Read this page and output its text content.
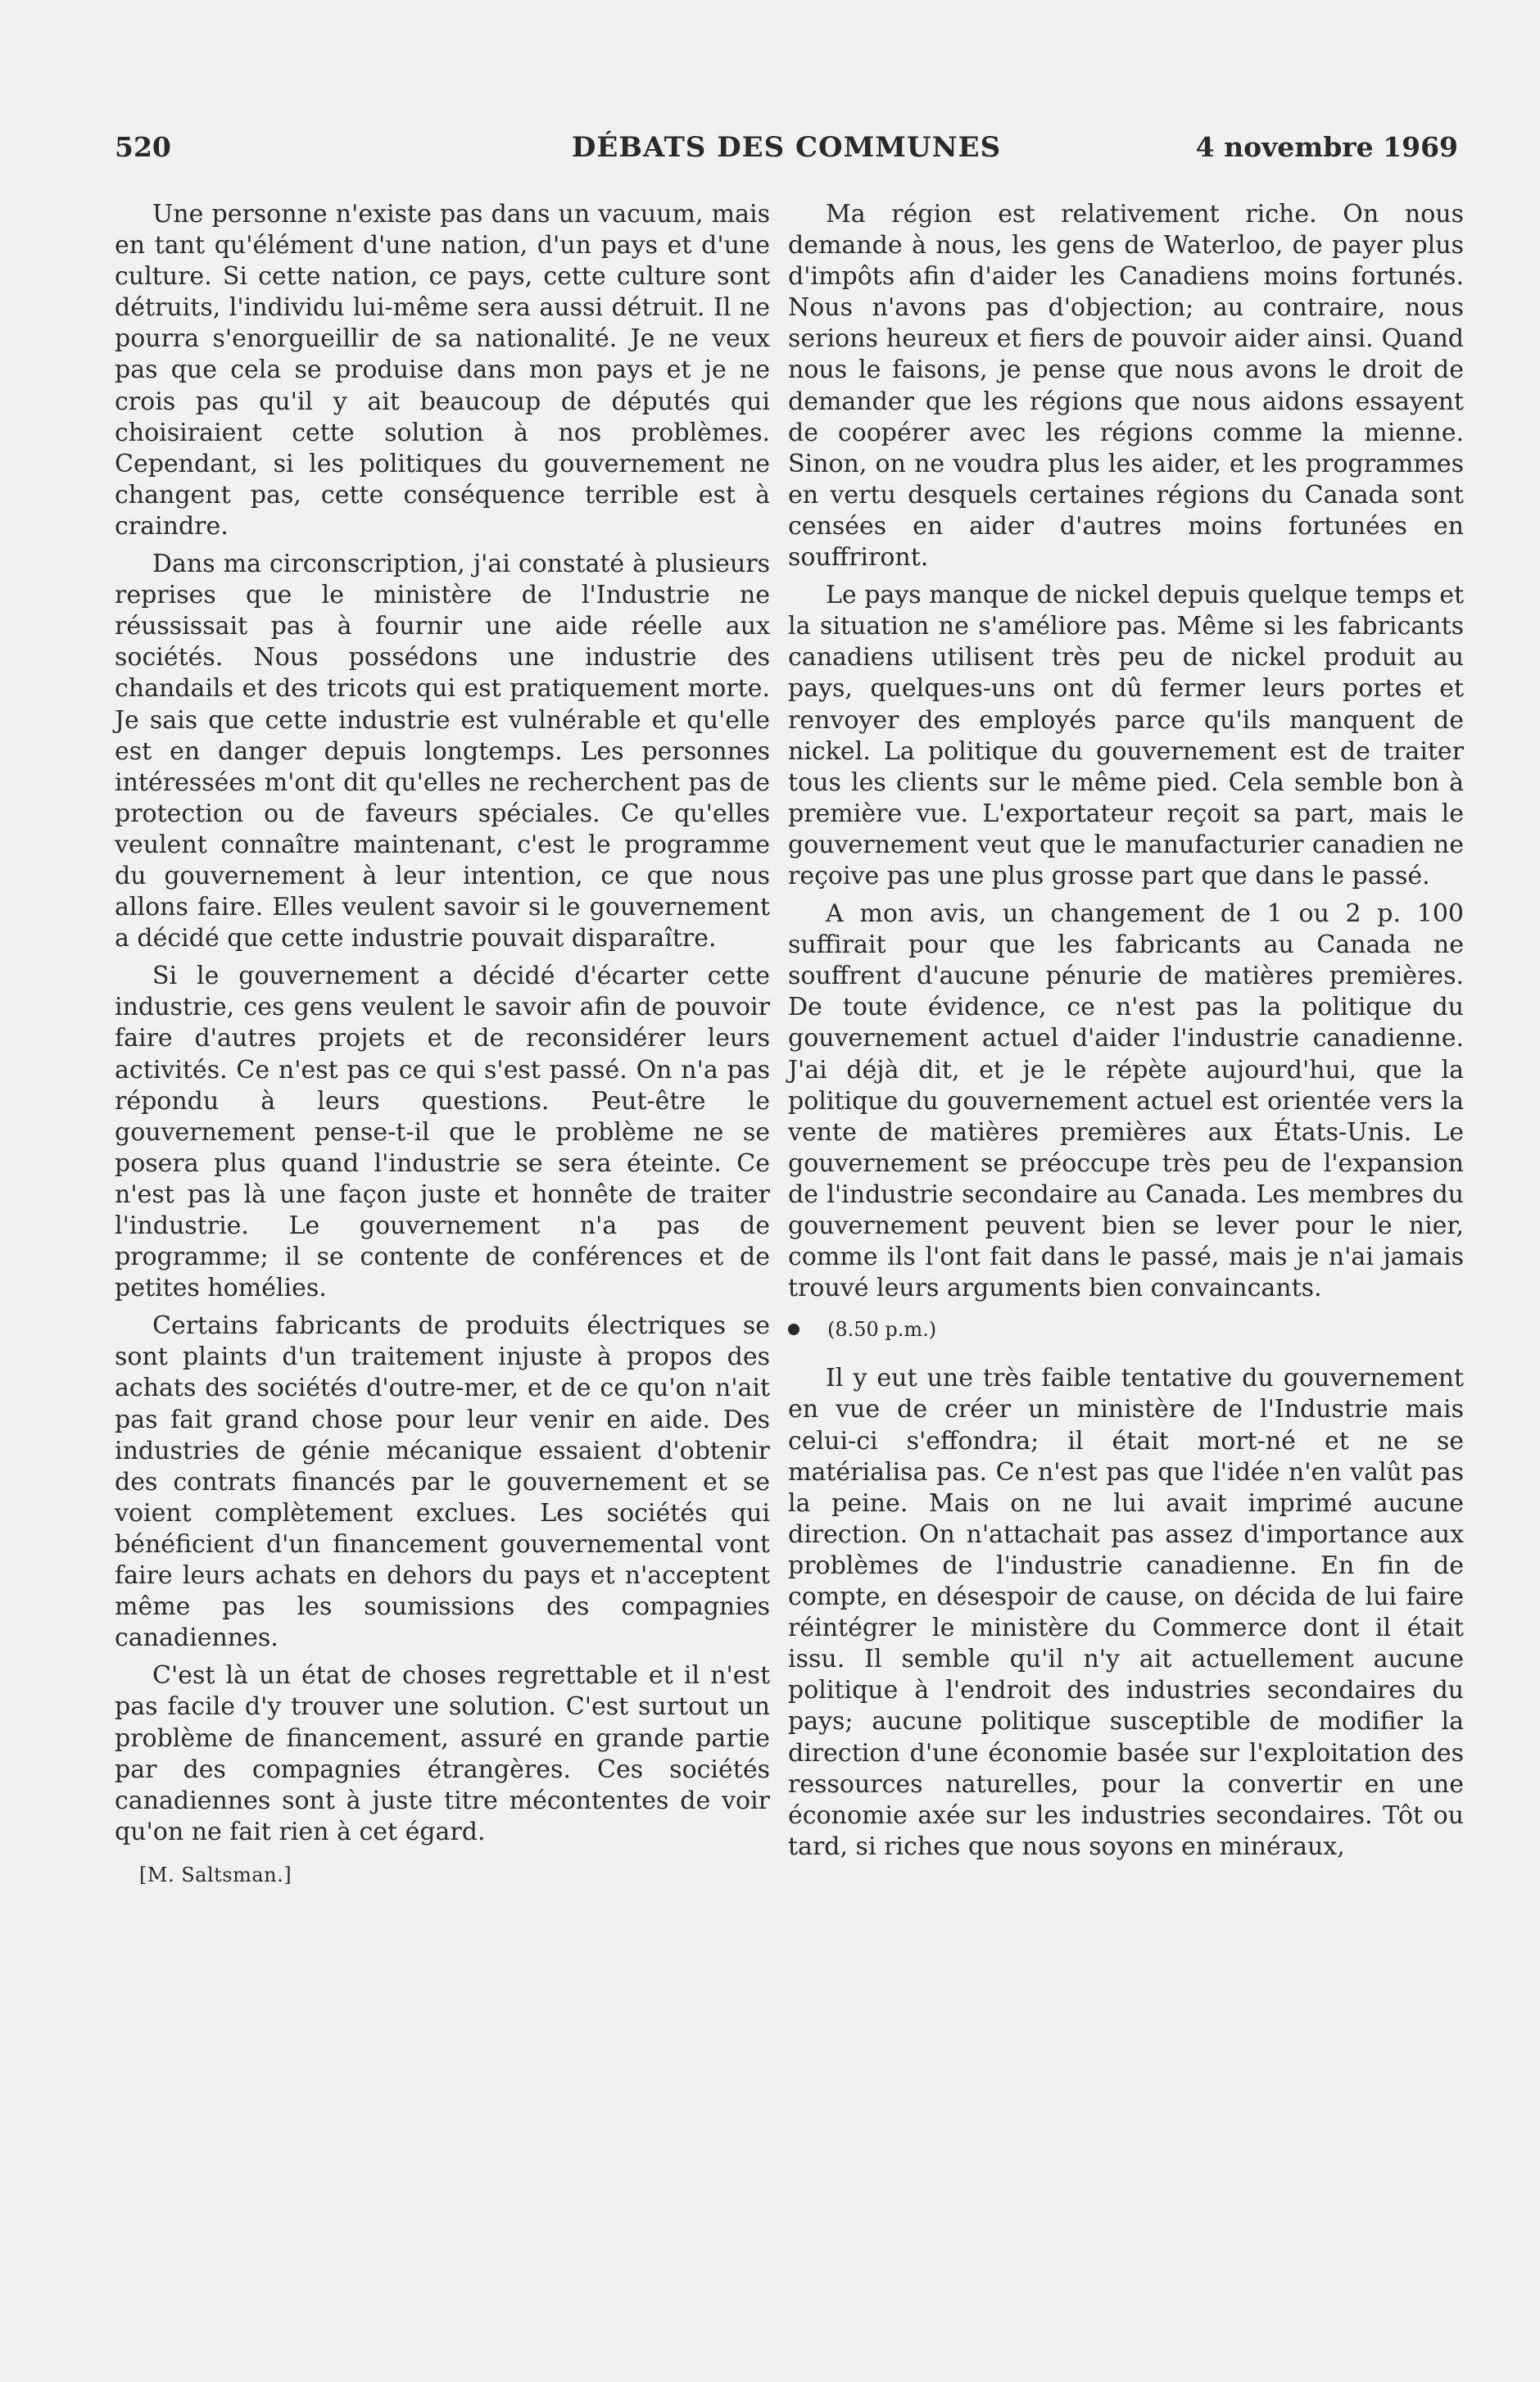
520	DÉBATS DES COMMUNES	4 novembre 1969

Une personne n'existe pas dans un vacuum, mais en tant qu'élément d'une nation, d'un pays et d'une culture. Si cette nation, ce pays, cette culture sont détruits, l'individu lui-même sera aussi détruit. Il ne pourra s'enorgueillir de sa nationalité. Je ne veux pas que cela se produise dans mon pays et je ne crois pas qu'il y ait beaucoup de députés qui choisiraient cette solution à nos problèmes. Cependant, si les politiques du gouvernement ne changent pas, cette conséquence terrible est à craindre.

Dans ma circonscription, j'ai constaté à plusieurs reprises que le ministère de l'Industrie ne réussissait pas à fournir une aide réelle aux sociétés. Nous possédons une industrie des chandails et des tricots qui est pratiquement morte. Je sais que cette industrie est vulnérable et qu'elle est en danger depuis longtemps. Les personnes intéressées m'ont dit qu'elles ne recherchent pas de protection ou de faveurs spéciales. Ce qu'elles veulent connaître maintenant, c'est le programme du gouvernement à leur intention, ce que nous allons faire. Elles veulent savoir si le gouvernement a décidé que cette industrie pouvait disparaître.

Si le gouvernement a décidé d'écarter cette industrie, ces gens veulent le savoir afin de pouvoir faire d'autres projets et de reconsidérer leurs activités. Ce n'est pas ce qui s'est passé. On n'a pas répondu à leurs questions. Peut-être le gouvernement pense-t-il que le problème ne se posera plus quand l'industrie se sera éteinte. Ce n'est pas là une façon juste et honnête de traiter l'industrie. Le gouvernement n'a pas de programme; il se contente de conférences et de petites homélies.

Certains fabricants de produits électriques se sont plaints d'un traitement injuste à propos des achats des sociétés d'outre-mer, et de ce qu'on n'ait pas fait grand chose pour leur venir en aide. Des industries de génie mécanique essaient d'obtenir des contrats financés par le gouvernement et se voient complètement exclues. Les sociétés qui bénéficient d'un financement gouvernemental vont faire leurs achats en dehors du pays et n'acceptent même pas les soumissions des compagnies canadiennes.

C'est là un état de choses regrettable et il n'est pas facile d'y trouver une solution. C'est surtout un problème de financement, assuré en grande partie par des compagnies étrangères. Ces sociétés canadiennes sont à juste titre mécontentes de voir qu'on ne fait rien à cet égard.

[M. Saltsman.]

Ma région est relativement riche. On nous demande à nous, les gens de Waterloo, de payer plus d'impôts afin d'aider les Canadiens moins fortunés. Nous n'avons pas d'objection; au contraire, nous serions heureux et fiers de pouvoir aider ainsi. Quand nous le faisons, je pense que nous avons le droit de demander que les régions que nous aidons essayent de coopérer avec les régions comme la mienne. Sinon, on ne voudra plus les aider, et les programmes en vertu desquels certaines régions du Canada sont censées en aider d'autres moins fortunées en souffriront.

Le pays manque de nickel depuis quelque temps et la situation ne s'améliore pas. Même si les fabricants canadiens utilisent très peu de nickel produit au pays, quelques-uns ont dû fermer leurs portes et renvoyer des employés parce qu'ils manquent de nickel. La politique du gouvernement est de traiter tous les clients sur le même pied. Cela semble bon à première vue. L'exportateur reçoit sa part, mais le gouvernement veut que le manufacturier canadien ne reçoive pas une plus grosse part que dans le passé.

A mon avis, un changement de 1 ou 2 p. 100 suffirait pour que les fabricants au Canada ne souffrent d'aucune pénurie de matières premières. De toute évidence, ce n'est pas la politique du gouvernement actuel d'aider l'industrie canadienne. J'ai déjà dit, et je le répète aujourd'hui, que la politique du gouvernement actuel est orientée vers la vente de matières premières aux États-Unis. Le gouvernement se préoccupe très peu de l'expansion de l'industrie secondaire au Canada. Les membres du gouvernement peuvent bien se lever pour le nier, comme ils l'ont fait dans le passé, mais je n'ai jamais trouvé leurs arguments bien convaincants.

(8.50 p.m.)

Il y eut une très faible tentative du gouvernement en vue de créer un ministère de l'Industrie mais celui-ci s'effondra; il était mort-né et ne se matérialisa pas. Ce n'est pas que l'idée n'en valût pas la peine. Mais on ne lui avait imprimé aucune direction. On n'attachait pas assez d'importance aux problèmes de l'industrie canadienne. En fin de compte, en désespoir de cause, on décida de lui faire réintégrer le ministère du Commerce dont il était issu. Il semble qu'il n'y ait actuellement aucune politique à l'endroit des industries secondaires du pays; aucune politique susceptible de modifier la direction d'une économie basée sur l'exploitation des ressources naturelles, pour la convertir en une économie axée sur les industries secondaires. Tôt ou tard, si riches que nous soyons en minéraux,
